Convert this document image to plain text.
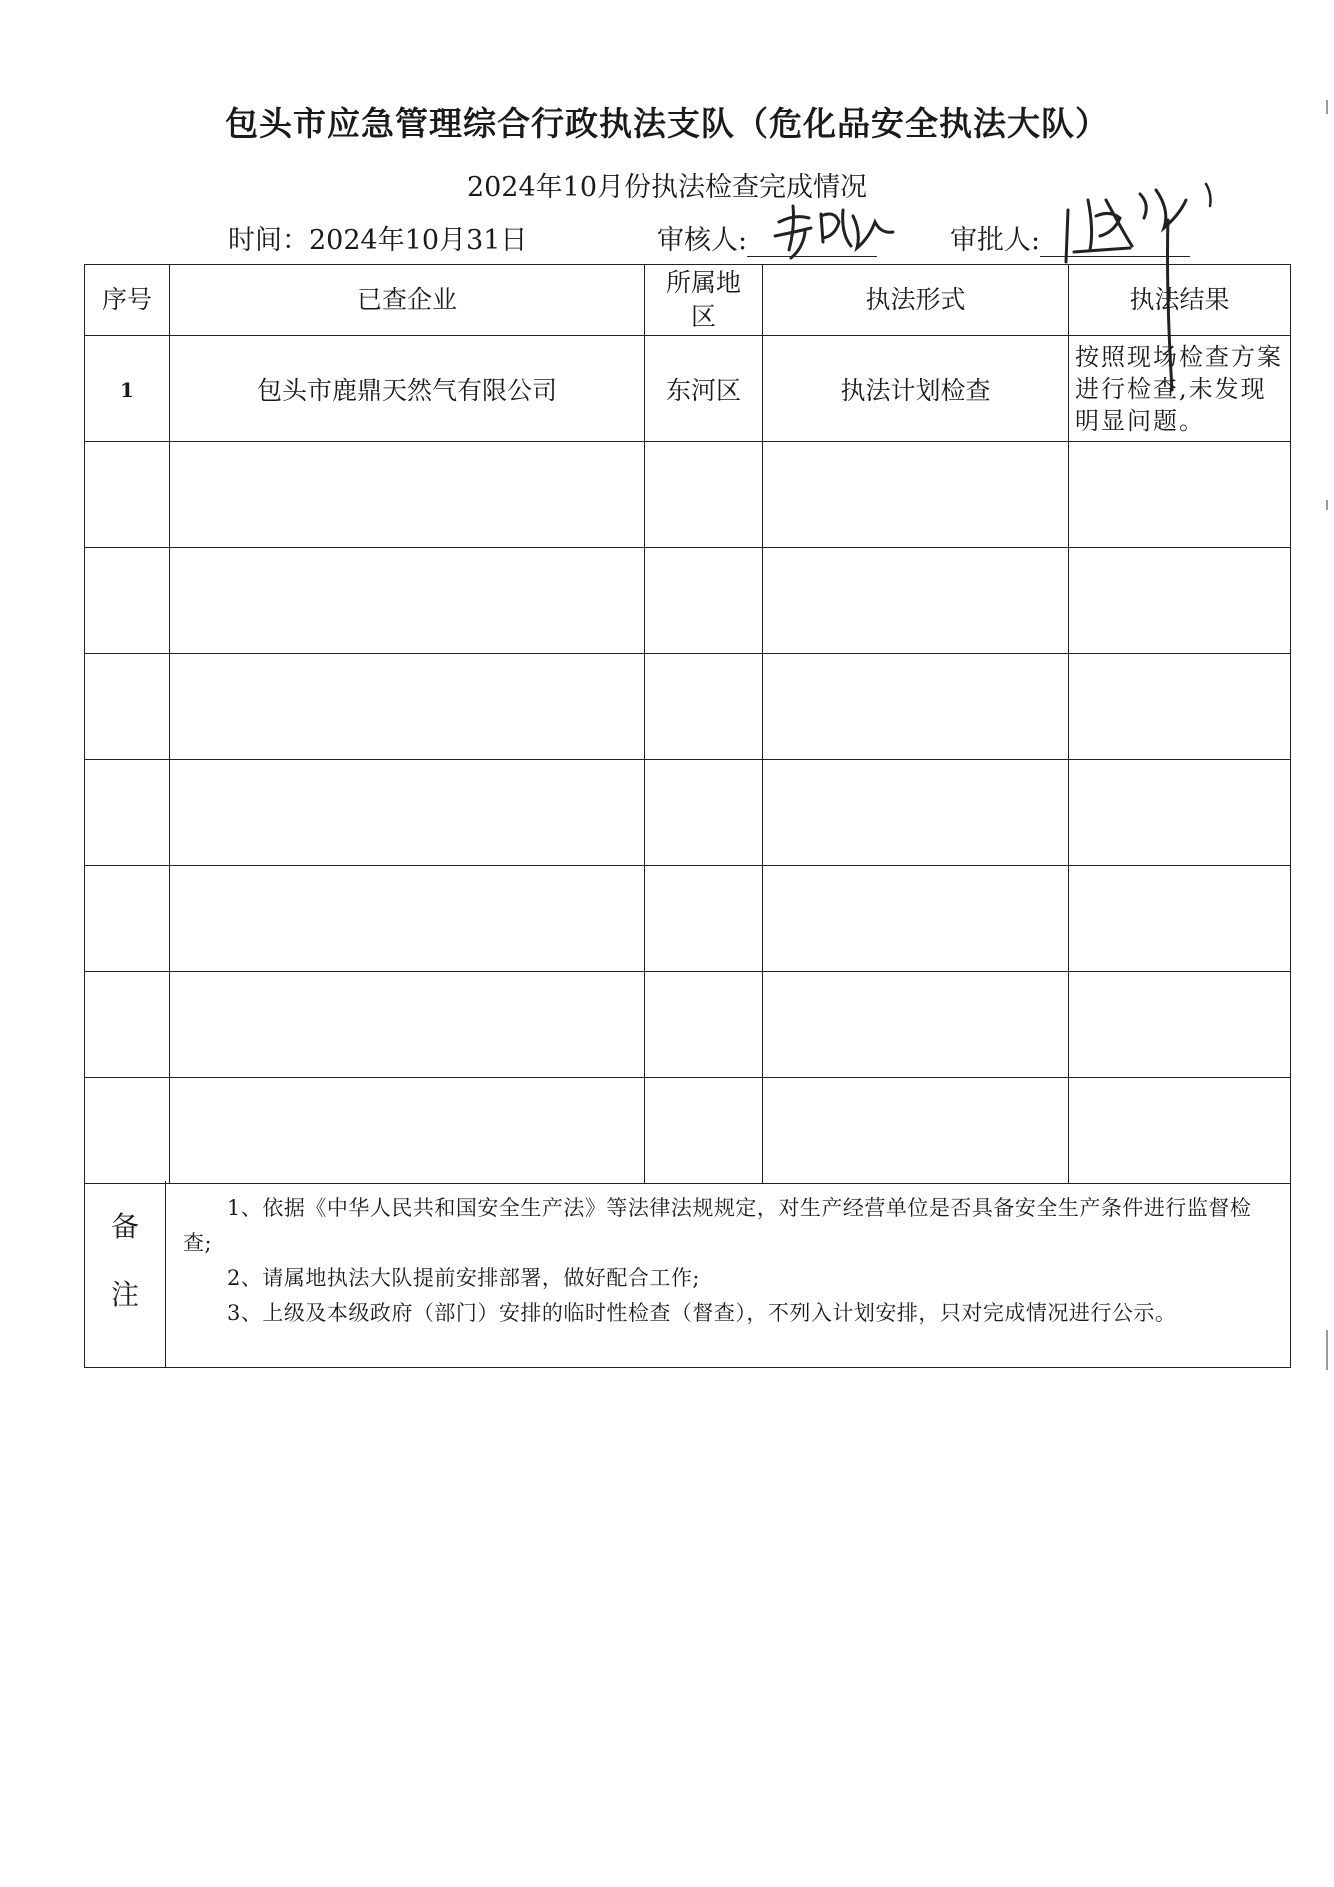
包头市应急管理综合行政执法支队（危化品安全执法大队）
2024年10月份执法检查完成情况
时间：2024年10月31日	审核人:	审批人:
序号	已查企业	所属地区	执法形式	执法结果
1	包头市鹿鼎天然气有限公司	东河区	执法计划检查	按照现场检查方案进行检查,未发现明显问题。

备
注

1、依据《中华人民共和国安全生产法》等法律法规规定，对生产经营单位是否具备安全生产条件进行监督检查;

2、请属地执法大队提前安排部署，做好配合工作;

3、上级及本级政府（部门）安排的临时性检查（督查），不列入计划安排，只对完成情况进行公示。
